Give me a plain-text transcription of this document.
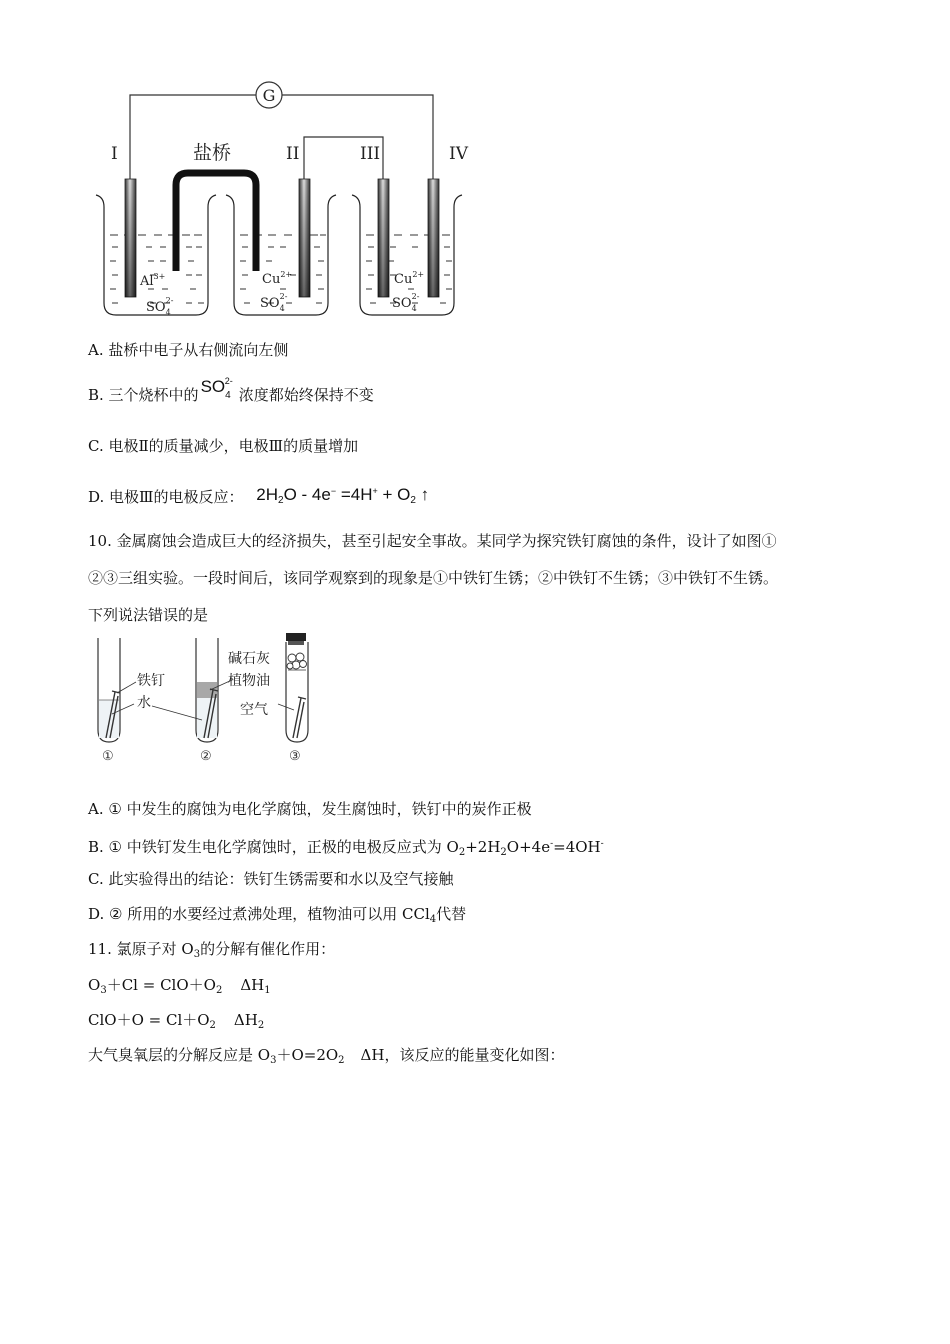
G
I	II	III	IV
盐桥
$Al^{3+}$
$SO_42-$
$Cu^{2+}$
$SO_42-$
$Cu^{2+}$
$SO_42-$
A. 盐桥中电子从右侧流向左侧
B. 三个烧杯中的 $SO_4^{2-}$浓度都始终保持不变
C. 电极Ⅱ的质量减少，电极Ⅲ的质量增加
D. 电极Ⅲ的电极反应： $2H_2O - 4e^- =4H^+ + O_2$ ↑
10. 金属腐蚀会造成巨大的经济损失，甚至引起安全事故。某同学为探究铁钉腐蚀的条件，设计了如图①
②③三组实验。一段时间后，该同学观察到的现象是①中铁钉生锈；②中铁钉不生锈；③中铁钉不生锈。
下列说法错误的是
铁钉
水
①	②	③
碱石灰
植物油
空气
A. ① 中发生的腐蚀为电化学腐蚀，发生腐蚀时，铁钉中的炭作正极
B. ① 中铁钉发生电化学腐蚀时，正极的电极反应式为 $O_2+2H_2O+4e^-=4OH^-$
C. 此实验得出的结论：铁钉生锈需要和水以及空气接触
D. ② 所用的水要经过煮沸处理，植物油可以用 CCl$_4$代替
11. 氯原子对 $O_3$的分解有催化作用：
$O_3+Cl = ClO+O_2$ $\Delta H_1$
$ClO+O = Cl+O_2$ $\Delta H_2$
大气臭氧层的分解反应是 $O_3+O=2O_2$ ΔH，该反应的能量变化如图：
